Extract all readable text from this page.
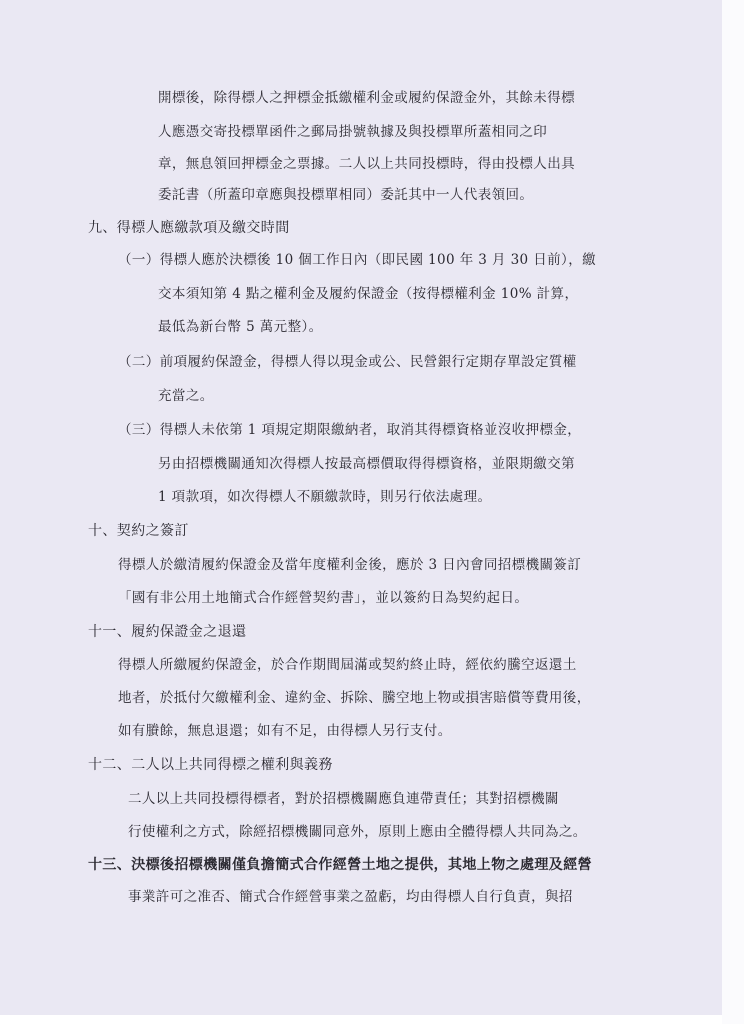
開標後，除得標人之押標金抵繳權利金或履約保證金外，其餘未得標
人應憑交寄投標單函件之郵局掛號執據及與投標單所蓋相同之印
章，無息領回押標金之票據。二人以上共同投標時，得由投標人出具
委託書（所蓋印章應與投標單相同）委託其中一人代表領回。
九、得標人應繳款項及繳交時間
（一）得標人應於決標後 10 個工作日內（即民國 100 年 3 月 30 日前），繳
交本須知第 4 點之權利金及履約保證金（按得標權利金 10% 計算，
最低為新台幣 5 萬元整）。
（二）前項履約保證金，得標人得以現金或公、民營銀行定期存單設定質權
充當之。
（三）得標人未依第 1 項規定期限繳納者，取消其得標資格並沒收押標金，
另由招標機關通知次得標人按最高標價取得得標資格，並限期繳交第
1 項款項，如次得標人不願繳款時，則另行依法處理。
十、契約之簽訂
得標人於繳清履約保證金及當年度權利金後，應於 3 日內會同招標機關簽訂
「國有非公用土地簡式合作經營契約書」，並以簽約日為契約起日。
十一、履約保證金之退還
得標人所繳履約保證金，於合作期間屆滿或契約終止時，經依約騰空返還土
地者，於抵付欠繳權利金、違約金、拆除、騰空地上物或損害賠償等費用後，
如有賸餘，無息退還；如有不足，由得標人另行支付。
十二、二人以上共同得標之權利與義務
二人以上共同投標得標者，對於招標機關應負連帶責任；其對招標機關
行使權利之方式，除經招標機關同意外，原則上應由全體得標人共同為之。
十三、決標後招標機關僅負擔簡式合作經營土地之提供，其地上物之處理及經營
事業許可之准否、簡式合作經營事業之盈虧，均由得標人自行負責，與招
